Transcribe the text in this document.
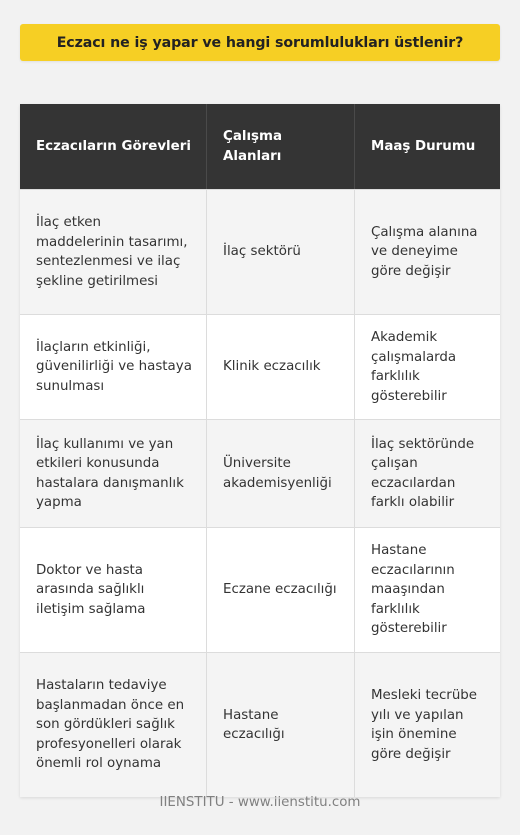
Eczacı ne iş yapar ve hangi sorumlulukları üstlenir?
Eczacıların Görevleri
Çalışma Alanları
Maaş Durumu
İlaç etken maddelerinin tasarımı, sentezlenmesi ve ilaç şekline getirilmesi
İlaç sektörü
Çalışma alanına ve deneyime göre değişir
İlaçların etkinliği, güvenilirliği ve hastaya sunulması
Klinik eczacılık
Akademik çalışmalarda farklılık gösterebilir
İlaç kullanımı ve yan etkileri konusunda hastalara danışmanlık yapma
Üniversite akademisyenliği
İlaç sektöründe çalışan eczacılardan farklı olabilir
Doktor ve hasta arasında sağlıklı iletişim sağlama
Eczane eczacılığı
Hastane eczacılarının maaşından farklılık gösterebilir
Hastaların tedaviye başlanmadan önce en son gördükleri sağlık profesyonelleri olarak önemli rol oynama
Hastane eczacılığı
Mesleki tecrübe yılı ve yapılan işin önemine göre değişir
IIENSTITU - www.iienstitu.com
